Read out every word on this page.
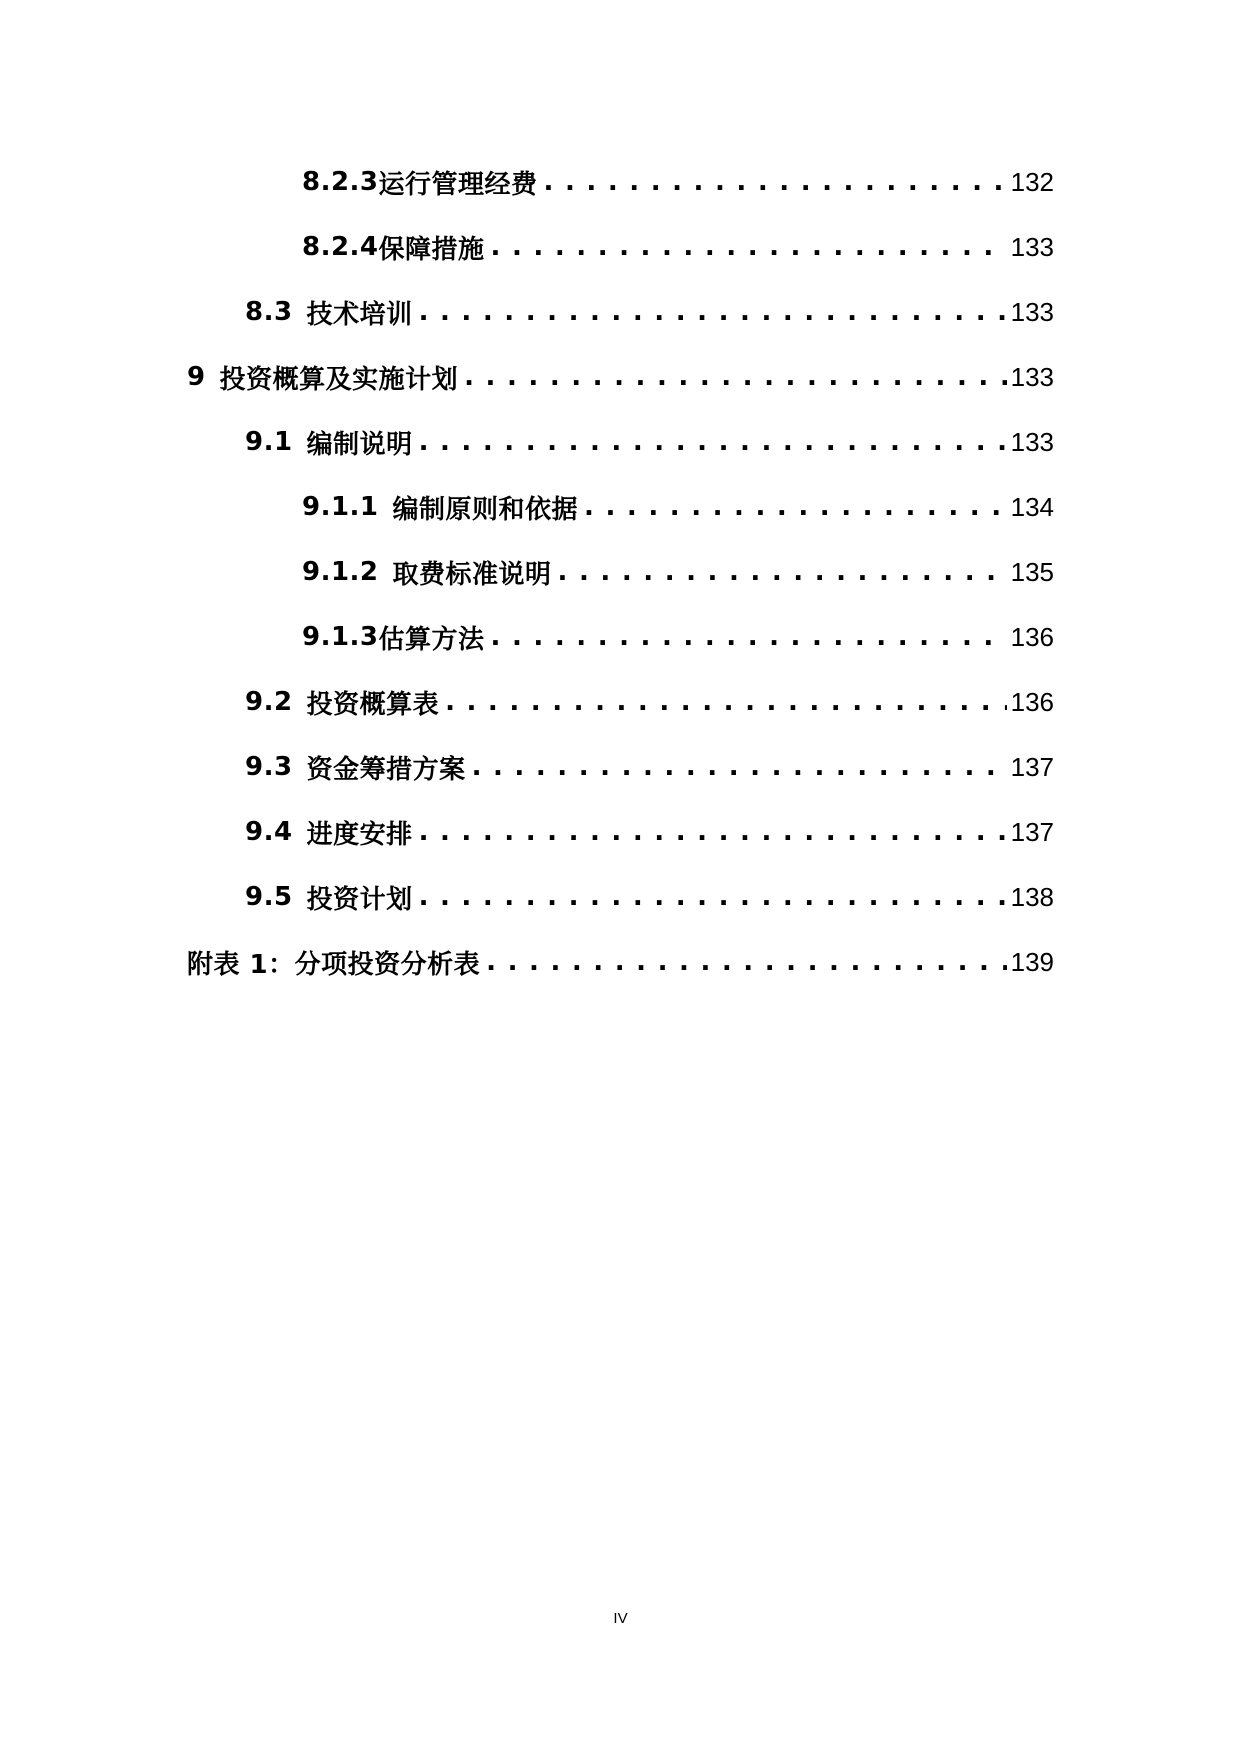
8.2.3 运行管理经费 . . .	132
8.2.4 保障措施 . . .	133
8.3 技术培训 . . .	133
9 投资概算及实施计划 . . .	133
9.1 编制说明 . . .	133
9.1.1 编制原则和依据 . . .	134
9.1.2 取费标准说明 . . .	135
9.1.3 估算方法 . . .	136
9.2 投资概算表 . . .	136
9.3 资金筹措方案 . . .	137
9.4 进度安排 . . .	137
9.5 投资计划 . . .	138
附表 1：分项投资分析表 . . .	139
IV
